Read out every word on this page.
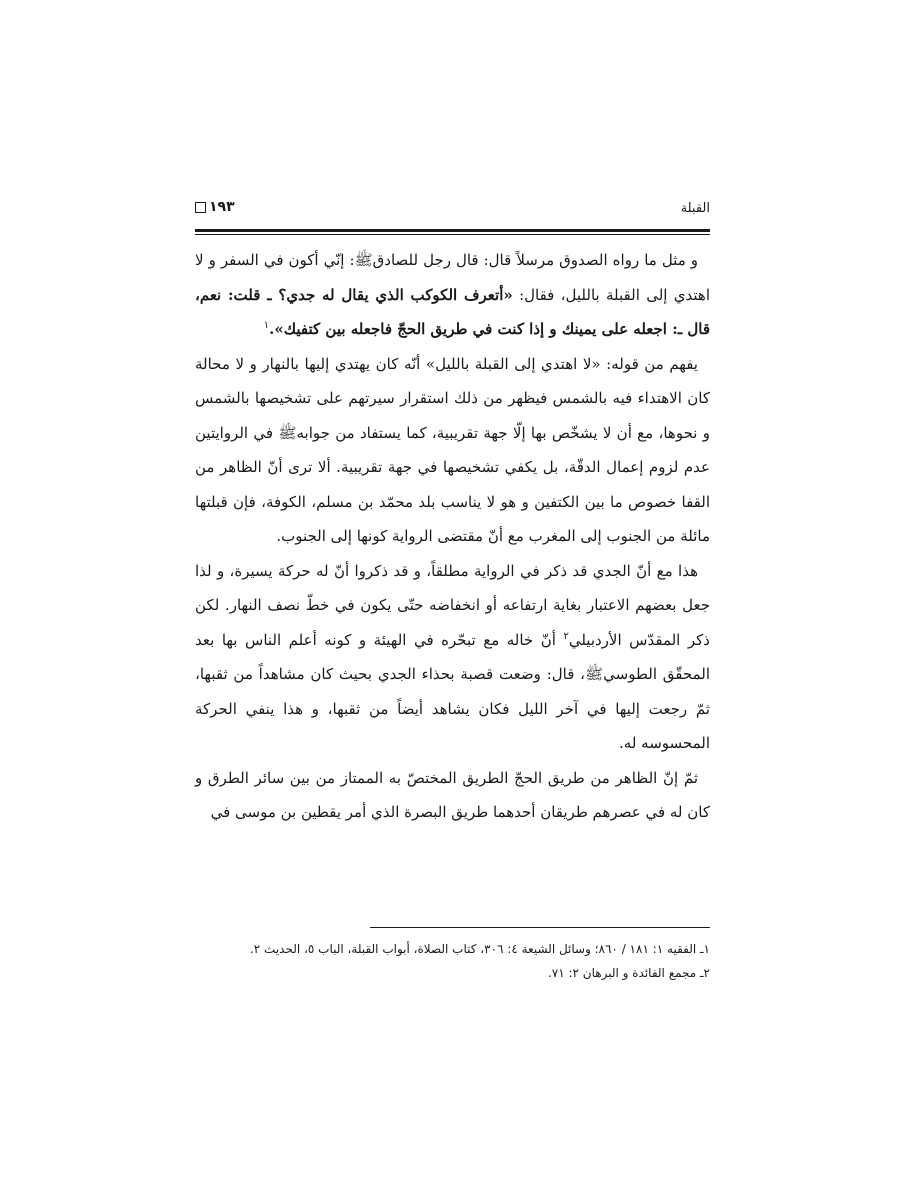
القبلة
١٩٣

و مثل ما رواه الصدوق مرسلاً قال: قال رجل للصادقﷺ: إنّي أكون في السفر و لا اهتدي إلى القبلة بالليل، فقال: «أتعرف الكوكب الذي يقال له جدي؟ ـ قلت: نعم، قال ـ: اجعله على يمينك و إذا كنت في طريق الحجّ فاجعله بين كتفيك».$^١$

يفهم من قوله: «لا اهتدي إلى القبلة بالليل» أنّه كان يهتدي إليها بالنهار و لا محالة كان الاهتداء فيه بالشمس فيظهر من ذلك استقرار سيرتهم على تشخيصها بالشمس و نحوها، مع أن لا يشخّص بها إلّا جهة تقريبية، كما يستفاد من جوابهﷺ في الروايتين عدم لزوم إعمال الدقّة، بل يكفي تشخيصها في جهة تقريبية. ألا ترى أنّ الظاهر من القفا خصوص ما بين الكتفين و هو لا يناسب بلد محمّد بن مسلم، الكوفة، فإن قبلتها مائلة من الجنوب إلى المغرب مع أنّ مقتضى الرواية كونها إلى الجنوب.

هذا مع أنّ الجدي قد ذكر في الرواية مطلقاً، و قد ذكروا أنّ له حركة يسيرة، و لذا جعل بعضهم الاعتبار بغاية ارتفاعه أو انخفاضه حتّى يكون في خطّ نصف النهار. لكن ذكر المقدّس الأردبيلي$^٢$ أنّ خاله مع تبحّره في الهيئة و كونه أعلم الناس بها بعد المحقّق الطوسيﷺ، قال: وضعت قصبة بحذاء الجدي بحيث كان مشاهداً من ثقبها، ثمّ رجعت إليها في آخر الليل فكان يشاهد أيضاً من ثقبها، و هذا ينفي الحركة المحسوسه له.

ثمّ إنّ الظاهر من طريق الحجّ الطريق المختصّ به الممتاز من بين سائر الطرق و كان له في عصرهم طريقان أحدهما طريق البصرة الذي أمر يقطين بن موسى في

١ـ الفقيه ١: ١٨١ / ٨٦٠؛ وسائل الشيعة ٤: ٣٠٦، كتاب الصلاة، أبواب القبلة، الباب ٥، الحديث ٢.
٢ـ مجمع الفائدة و البرهان ٢: ٧١.
